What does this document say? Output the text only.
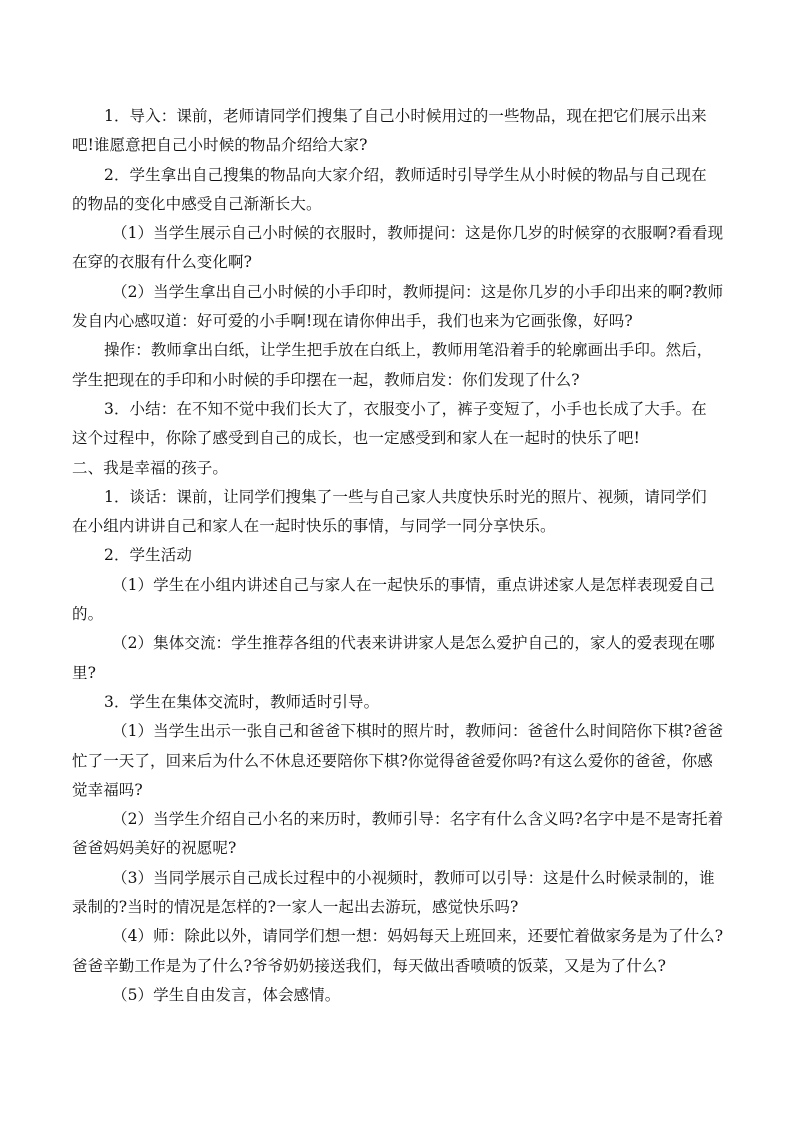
1．导入：课前，老师请同学们搜集了自己小时候用过的一些物品，现在把它们展示出来
吧!谁愿意把自己小时候的物品介绍给大家?
2．学生拿出自己搜集的物品向大家介绍，教师适时引导学生从小时候的物品与自己现在
的物品的变化中感受自己渐渐长大。
（1）当学生展示自己小时候的衣服时，教师提问：这是你几岁的时候穿的衣服啊?看看现
在穿的衣服有什么变化啊?
（2）当学生拿出自己小时候的小手印时，教师提问：这是你几岁的小手印出来的啊?教师
发自内心感叹道：好可爱的小手啊!现在请你伸出手，我们也来为它画张像，好吗?
操作：教师拿出白纸，让学生把手放在白纸上，教师用笔沿着手的轮廓画出手印。然后，
学生把现在的手印和小时候的手印摆在一起，教师启发：你们发现了什么?
3．小结：在不知不觉中我们长大了，衣服变小了，裤子变短了，小手也长成了大手。在
这个过程中，你除了感受到自己的成长，也一定感受到和家人在一起时的快乐了吧!
二、我是幸福的孩子。
1．谈话：课前，让同学们搜集了一些与自己家人共度快乐时光的照片、视频，请同学们
在小组内讲讲自己和家人在一起时快乐的事情，与同学一同分享快乐。
2．学生活动
（1）学生在小组内讲述自己与家人在一起快乐的事情，重点讲述家人是怎样表现爱自己
的。
（2）集体交流：学生推荐各组的代表来讲讲家人是怎么爱护自己的，家人的爱表现在哪
里?
3．学生在集体交流时，教师适时引导。
（1）当学生出示一张自己和爸爸下棋时的照片时，教师问：爸爸什么时间陪你下棋?爸爸
忙了一天了，回来后为什么不休息还要陪你下棋?你觉得爸爸爱你吗?有这么爱你的爸爸，你感
觉幸福吗?
（2）当学生介绍自己小名的来历时，教师引导：名字有什么含义吗?名字中是不是寄托着
爸爸妈妈美好的祝愿呢?
（3）当同学展示自己成长过程中的小视频时，教师可以引导：这是什么时候录制的，谁
录制的?当时的情况是怎样的?一家人一起出去游玩，感觉快乐吗?
（4）师：除此以外，请同学们想一想：妈妈每天上班回来，还要忙着做家务是为了什么?
爸爸辛勤工作是为了什么?爷爷奶奶接送我们，每天做出香喷喷的饭菜，又是为了什么?
（5）学生自由发言，体会感情。
